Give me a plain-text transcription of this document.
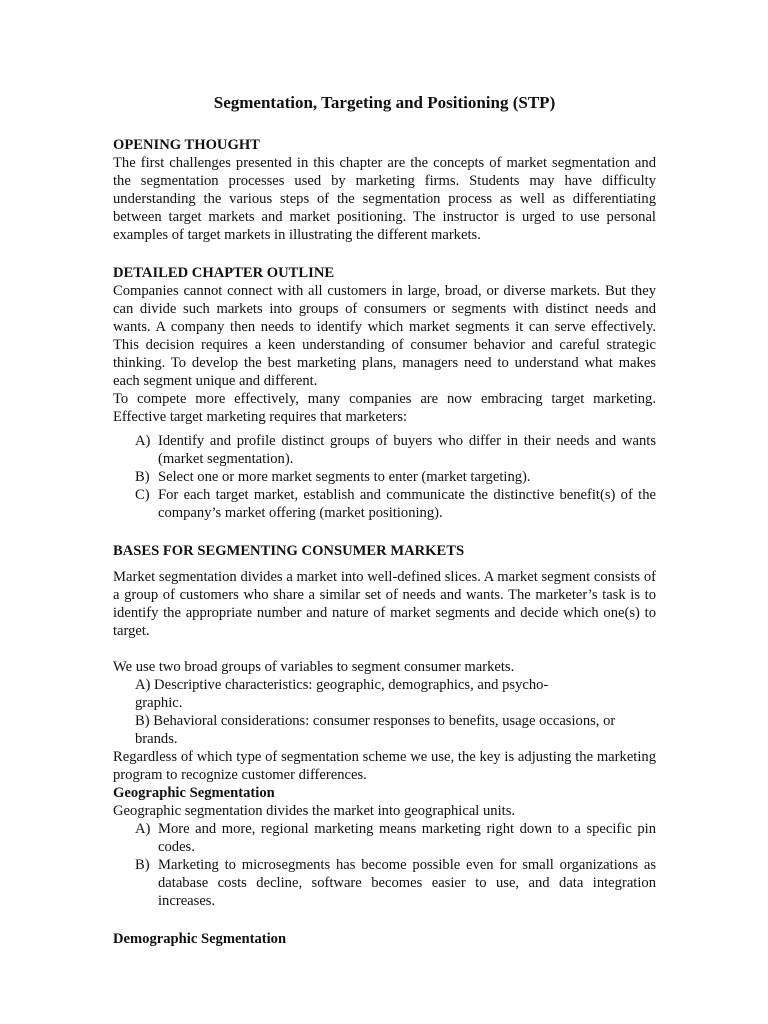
Segmentation, Targeting and Positioning (STP)

OPENING THOUGHT

The first challenges presented in this chapter are the concepts of market segmentation and the segmentation processes used by marketing firms. Students may have difficulty understanding the various steps of the segmentation process as well as differentiating between target markets and market positioning. The instructor is urged to use personal examples of target markets in illustrating the different markets.

DETAILED CHAPTER OUTLINE

Companies cannot connect with all customers in large, broad, or diverse markets. But they can divide such markets into groups of consumers or segments with distinct needs and wants. A company then needs to identify which market segments it can serve effectively. This decision requires a keen understanding of consumer behavior and careful strategic thinking. To develop the best marketing plans, managers need to understand what makes each segment unique and different.

To compete more effectively, many companies are now embracing target marketing. Effective target marketing requires that marketers:

A) Identify and profile distinct groups of buyers who differ in their needs and wants (market segmentation).
B) Select one or more market segments to enter (market targeting).
C) For each target market, establish and communicate the distinctive benefit(s) of the company’s market offering (market positioning).

BASES FOR SEGMENTING CONSUMER MARKETS

Market segmentation divides a market into well-defined slices. A market segment consists of a group of customers who share a similar set of needs and wants. The marketer’s task is to identify the appropriate number and nature of market segments and decide which one(s) to target.

We use two broad groups of variables to segment consumer markets.

A) Descriptive characteristics: geographic, demographics, and psycho-

graphic.

B) Behavioral considerations: consumer responses to benefits, usage occasions, or brands.

Regardless of which type of segmentation scheme we use, the key is adjusting the marketing program to recognize customer differences.

Geographic Segmentation

Geographic segmentation divides the market into geographical units.

A) More and more, regional marketing means marketing right down to a specific pin codes.
B) Marketing to microsegments has become possible even for small organizations as database costs decline, software becomes easier to use, and data integration increases.

Demographic Segmentation
